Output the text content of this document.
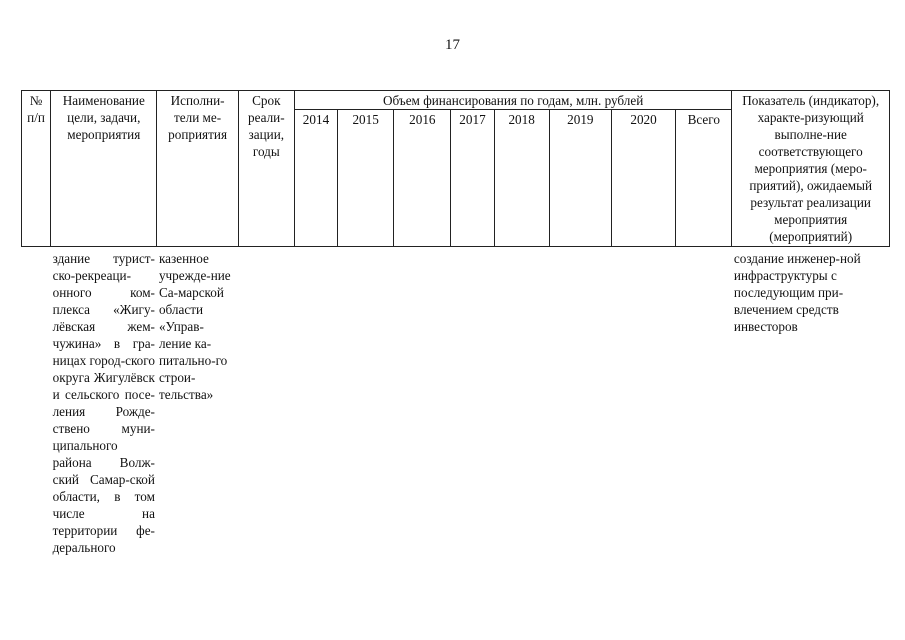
17
№ п/п	Наименование цели, задачи, мероприятия	Исполни-тели ме-роприятия	Срок реали-зации, годы	Объем финансирования по годам, млн. рублей								Показатель (индикатор), характе-ризующий выполне-ние соответствующего мероприятия (меро-приятий), ожидаемый результат реализации мероприятия (мероприятий)
				2014	2015	2016	2017	2018	2019	2020	Всего	
	здание турист-ско-рекреаци-онного ком-плекса «Жигу-лёвская жем-чужина» в гра-ницах город-ского округа Жигулёвск и сельского посе-ления Рожде-ствено муни-ципального района Волж-ский Самар-ской области, в том числе на территории фе-дерального	казенное учрежде-ние Са-марской области «Управ-ление ка-питально-го строи-тельства»										создание инженер-ной инфраструктуры с последующим при-влечением средств инвесторов
